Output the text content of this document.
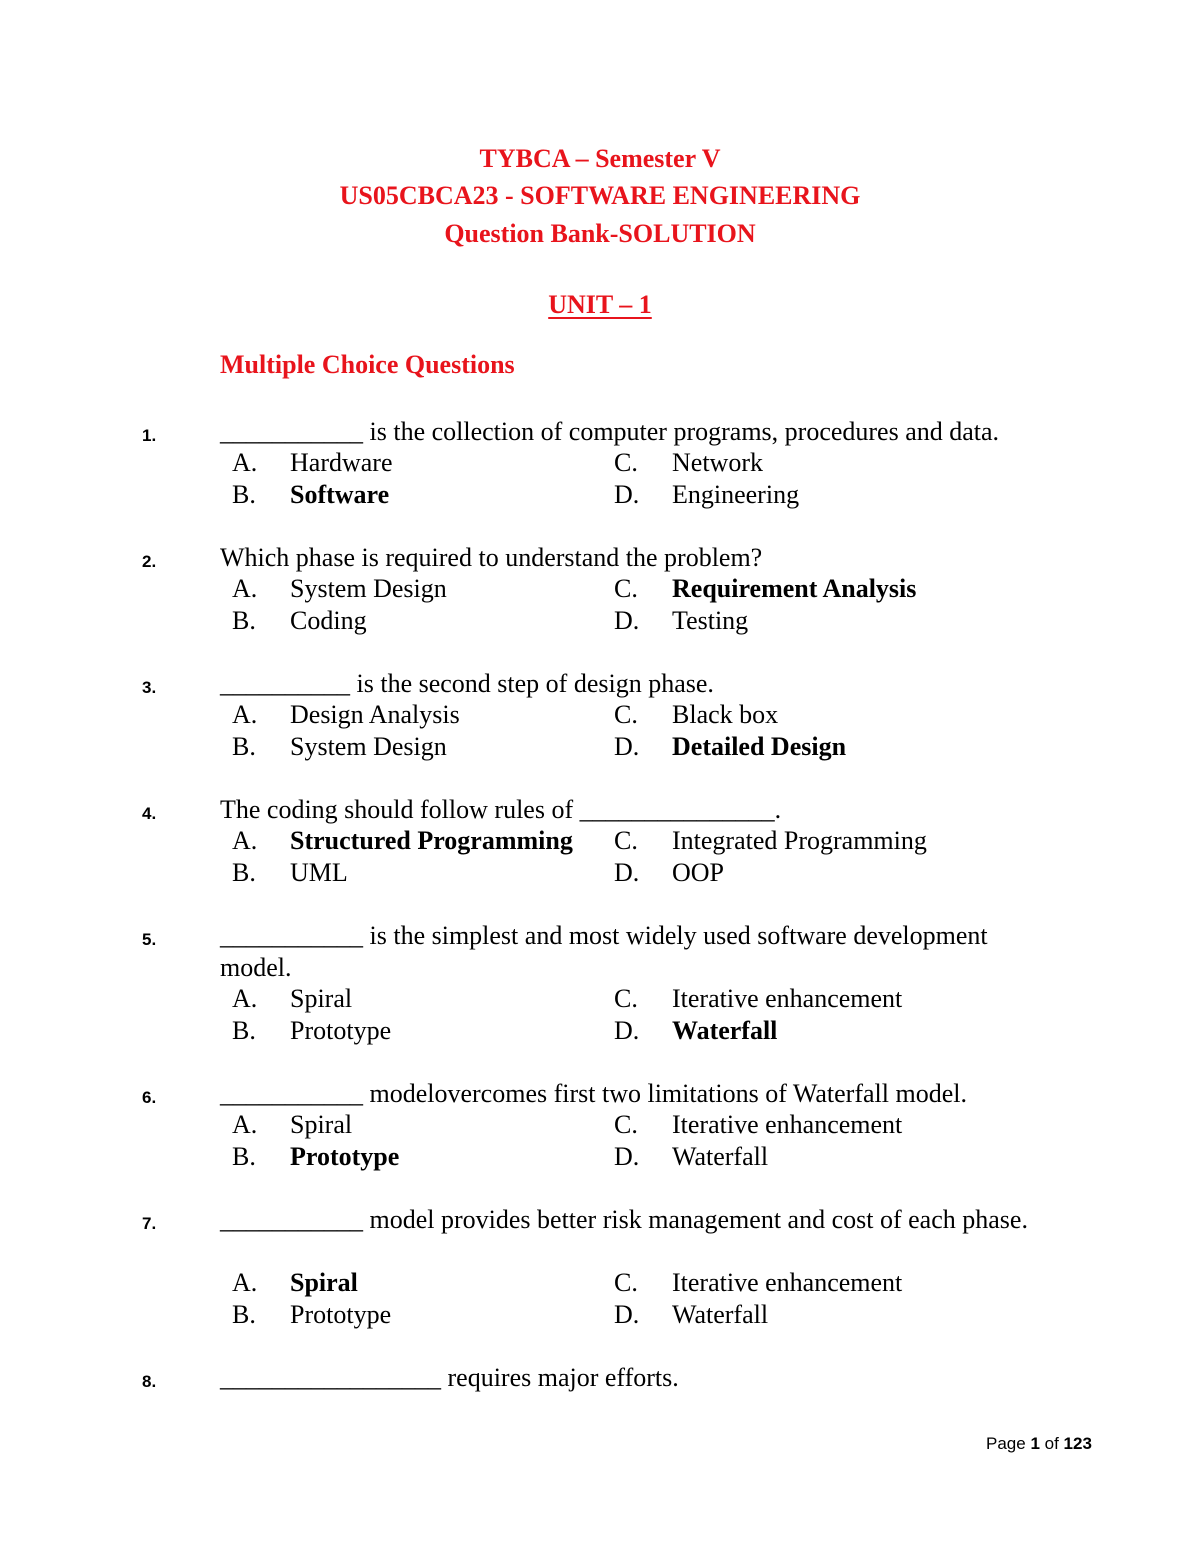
TYBCA – Semester V
US05CBCA23 - SOFTWARE ENGINEERING
Question Bank-SOLUTION
UNIT – 1
Multiple Choice Questions
1. ___________ is the collection of computer programs, procedures and data.
A. Hardware	C. Network
B. Software	D. Engineering
2. Which phase is required to understand the problem?
A. System Design	C. Requirement Analysis
B. Coding	D. Testing
3. __________ is the second step of design phase.
A. Design Analysis	C. Black box
B. System Design	D. Detailed Design
4. The coding should follow rules of _______________.
A. Structured Programming C. Integrated Programming
B. UML	D. OOP
5. ___________ is the simplest and most widely used software development model.
A. Spiral	C. Iterative enhancement
B. Prototype	D. Waterfall
6. ___________ modelovercomes first two limitations of Waterfall model.
A. Spiral	C. Iterative enhancement
B. Prototype	D. Waterfall
7. ___________ model provides better risk management and cost of each phase.
A. Spiral	C. Iterative enhancement
B. Prototype	D. Waterfall
8. _________________ requires major efforts.
Page 1 of 123
